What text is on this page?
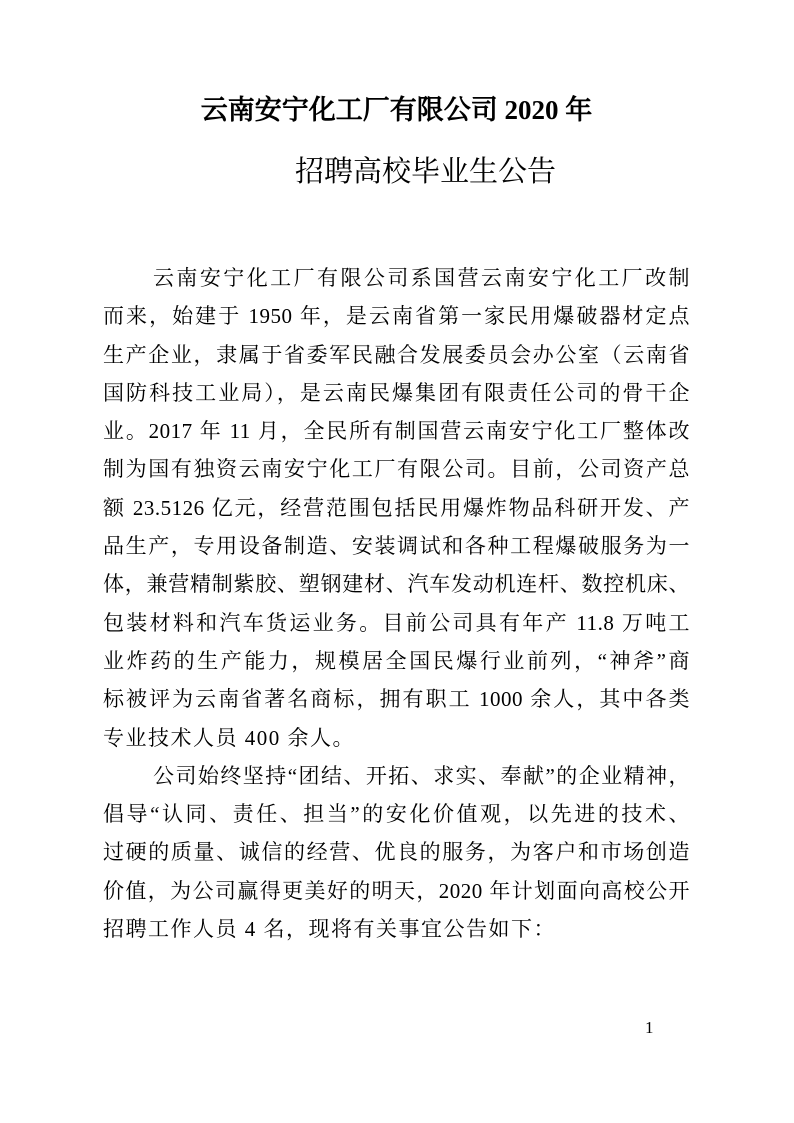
云南安宁化工厂有限公司 2020 年
招聘高校毕业生公告
云南安宁化工厂有限公司系国营云南安宁化工厂改制
而来，始建于 1950 年，是云南省第一家民用爆破器材定点
生产企业，隶属于省委军民融合发展委员会办公室（云南省
国防科技工业局），是云南民爆集团有限责任公司的骨干企
业。2017 年 11 月，全民所有制国营云南安宁化工厂整体改
制为国有独资云南安宁化工厂有限公司。目前，公司资产总
额 23.5126 亿元，经营范围包括民用爆炸物品科研开发、产
品生产，专用设备制造、安装调试和各种工程爆破服务为一
体，兼营精制紫胶、塑钢建材、汽车发动机连杆、数控机床、
包装材料和汽车货运业务。目前公司具有年产 11.8 万吨工
业炸药的生产能力，规模居全国民爆行业前列，“神斧”商
标被评为云南省著名商标，拥有职工 1000 余人，其中各类
专业技术人员 400 余人。
公司始终坚持“团结、开拓、求实、奉献”的企业精神，
倡导“认同、责任、担当”的安化价值观，以先进的技术、
过硬的质量、诚信的经营、优良的服务，为客户和市场创造
价值，为公司赢得更美好的明天，2020 年计划面向高校公开
招聘工作人员 4 名，现将有关事宜公告如下：
1
